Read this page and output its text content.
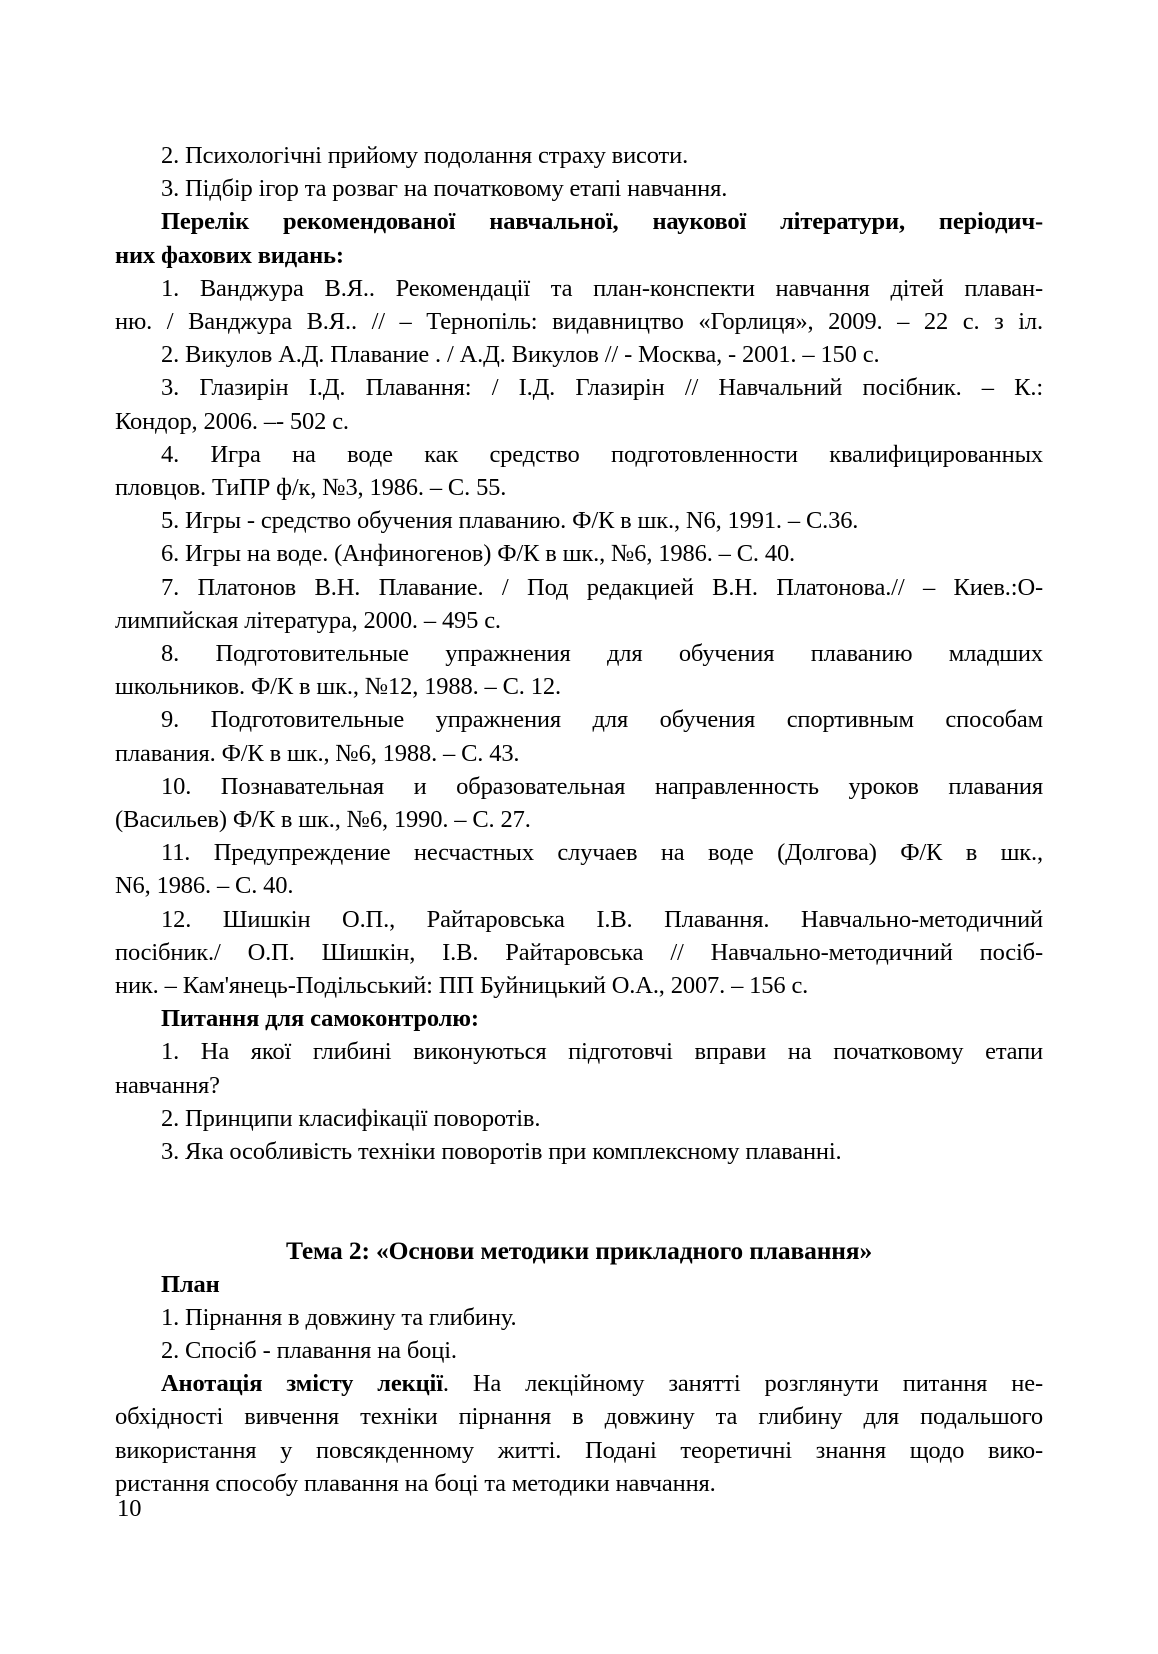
2. Психологічні прийому подолання страху висоти.
3. Підбір ігор та розваг на початковому етапі навчання.
Перелік рекомендованої навчальної, наукової літератури, періодич-
них фахових видань:
1. Ванджура В.Я.. Рекомендації та план-конспекти навчання дітей плаван-
ню. / Ванджура В.Я.. // – Тернопіль: видавництво «Горлиця», 2009. – 22 с. з іл.
2. Викулов А.Д. Плавание . / А.Д. Викулов // - Москва, - 2001. – 150 с.
3. Глазирін І.Д. Плавання: / І.Д. Глазирін // Навчальний посібник. – К.:
Кондор, 2006. –- 502 с.
4. Игра на воде как средство подготовленности квалифицированных
пловцов. ТиПР ф/к, №3, 1986. – С. 55.
5. Игры - средство обучения плаванию. Ф/К в шк., N6, 1991. – С.36.
6. Игры на воде. (Анфиногенов) Ф/К в шк., №6, 1986. – С. 40.
7. Платонов В.Н. Плавание. / Под редакцией В.Н. Платонова.// – Киев.:О-
лимпийская література, 2000. – 495 с.
8. Подготовительные упражнения для обучения плаванию младших
школьников. Ф/К в шк., №12, 1988. – С. 12.
9. Подготовительные упражнения для обучения спортивным способам
плавания. Ф/К в шк., №6, 1988. – С. 43.
10. Познавательная и образовательная направленность уроков плавания
(Васильев) Ф/К в шк., №6, 1990. – С. 27.
11. Предупреждение несчастных случаев на воде (Долгова) Ф/К в шк.,
N6, 1986. – С. 40.
12. Шишкін О.П., Райтаровська І.В. Плавання. Навчально-методичний
посібник./ О.П. Шишкін, І.В. Райтаровська // Навчально-методичний посіб-
ник. – Кам'янець-Подільський: ПП Буйницький О.А., 2007. – 156 с.
Питання для самоконтролю:
1. На якої глибині виконуються підготовчі вправи на початковому етапи
навчання?
2. Принципи класифікації поворотів.
3. Яка особливість техніки поворотів при комплексному плаванні.
Тема 2: «Основи методики прикладного плавання»
План
1. Пірнання в довжину та глибину.
2. Спосіб - плавання на боці.
Анотація змісту лекції. На лекційному занятті розглянути питання не-
обхідності вивчення техніки пірнання в довжину та глибину для подальшого
використання у повсякденному житті. Подані теоретичні знання щодо вико-
ристання способу плавання на боці та методики навчання.
10
